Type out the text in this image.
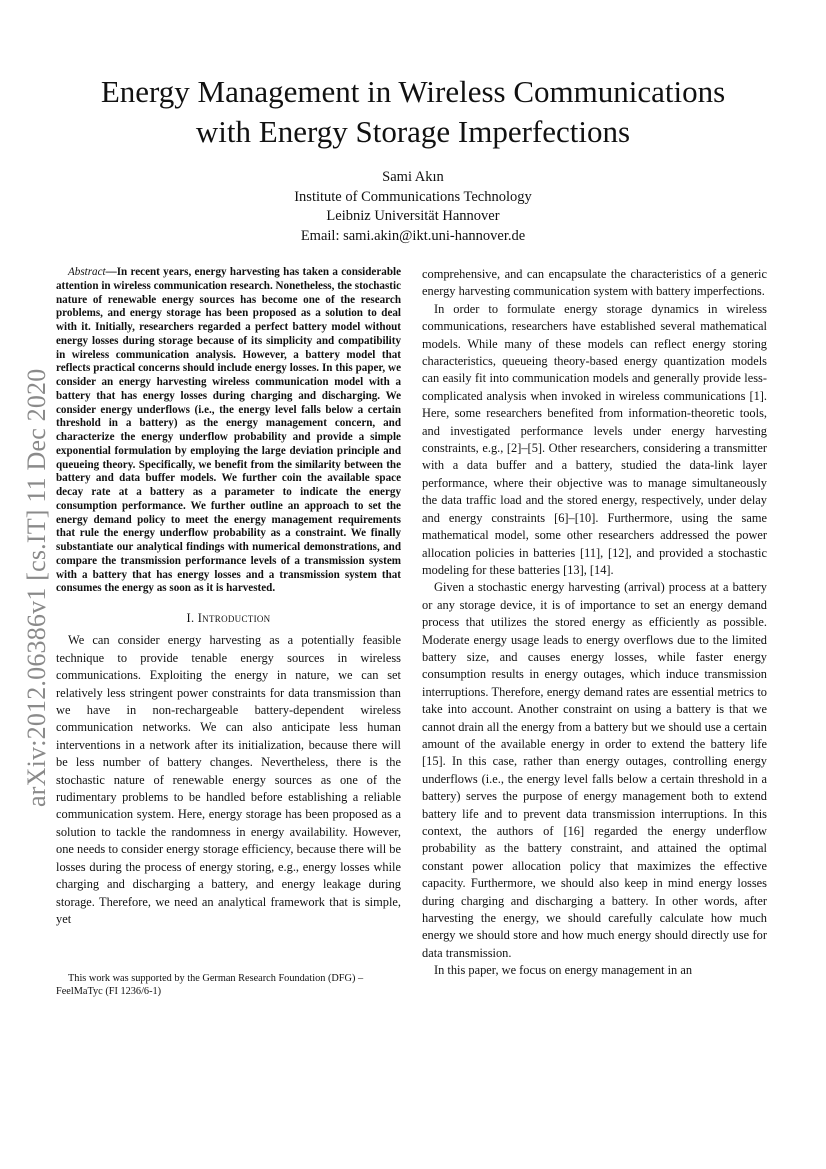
arXiv:2012.06386v1 [cs.IT] 11 Dec 2020
Energy Management in Wireless Communications
with Energy Storage Imperfections
Sami Akın
Institute of Communications Technology
Leibniz Universität Hannover
Email: sami.akin@ikt.uni-hannover.de

Abstract—In recent years, energy harvesting has taken a considerable attention in wireless communication research. Nonetheless, the stochastic nature of renewable energy sources has become one of the research problems, and energy storage has been proposed as a solution to deal with it. Initially, researchers regarded a perfect battery model without energy losses during storage because of its simplicity and compatibility in wireless communication analysis. However, a battery model that reflects practical concerns should include energy losses. In this paper, we consider an energy harvesting wireless communication model with a battery that has energy losses during charging and discharging. We consider energy underflows (i.e., the energy level falls below a certain threshold in a battery) as the energy management concern, and characterize the energy underflow probability and provide a simple exponential formulation by employing the large deviation principle and queueing theory. Specifically, we benefit from the similarity between the battery and data buffer models. We further coin the available space decay rate at a battery as a parameter to indicate the energy consumption performance. We further outline an approach to set the energy demand policy to meet the energy management requirements that rule the energy underflow probability as a constraint. We finally substantiate our analytical findings with numerical demonstrations, and compare the transmission performance levels of a transmission system with a battery that has energy losses and a transmission system that consumes the energy as soon as it is harvested.

I. Introduction

We can consider energy harvesting as a potentially feasible technique to provide tenable energy sources in wireless communications. Exploiting the energy in nature, we can set relatively less stringent power constraints for data transmission than we have in non-rechargeable battery-dependent wireless communication networks. We can also anticipate less human interventions in a network after its initialization, because there will be less number of battery changes. Nevertheless, there is the stochastic nature of renewable energy sources as one of the rudimentary problems to be handled before establishing a reliable communication system. Here, energy storage has been proposed as a solution to tackle the randomness in energy availability. However, one needs to consider energy storage efficiency, because there will be losses during the process of energy storing, e.g., energy losses while charging and discharging a battery, and energy leakage during storage. Therefore, we need an analytical framework that is simple, yet

This work was supported by the German Research Foundation (DFG) – FeelMaTyc (FI 1236/6-1)

comprehensive, and can encapsulate the characteristics of a generic energy harvesting communication system with battery imperfections.

In order to formulate energy storage dynamics in wireless communications, researchers have established several mathematical models. While many of these models can reflect energy storing characteristics, queueing theory-based energy quantization models can easily fit into communication models and generally provide less-complicated analysis when invoked in wireless communications [1]. Here, some researchers benefited from information-theoretic tools, and investigated performance levels under energy harvesting constraints, e.g., [2]–[5]. Other researchers, considering a transmitter with a data buffer and a battery, studied the data-link layer performance, where their objective was to manage simultaneously the data traffic load and the stored energy, respectively, under delay and energy constraints [6]–[10]. Furthermore, using the same mathematical model, some other researchers addressed the power allocation policies in batteries [11], [12], and provided a stochastic modeling for these batteries [13], [14].

Given a stochastic energy harvesting (arrival) process at a battery or any storage device, it is of importance to set an energy demand process that utilizes the stored energy as efficiently as possible. Moderate energy usage leads to energy overflows due to the limited battery size, and causes energy losses, while faster energy consumption results in energy outages, which induce transmission interruptions. Therefore, energy demand rates are essential metrics to take into account. Another constraint on using a battery is that we cannot drain all the energy from a battery but we should use a certain amount of the available energy in order to extend the battery life [15]. In this case, rather than energy outages, controlling energy underflows (i.e., the energy level falls below a certain threshold in a battery) serves the purpose of energy management both to extend battery life and to prevent data transmission interruptions. In this context, the authors of [16] regarded the energy underflow probability as the battery constraint, and attained the optimal constant power allocation policy that maximizes the effective capacity. Furthermore, we should also keep in mind energy losses during charging and discharging a battery. In other words, after harvesting the energy, we should carefully calculate how much energy we should store and how much energy should directly use for data transmission.

In this paper, we focus on energy management in an
